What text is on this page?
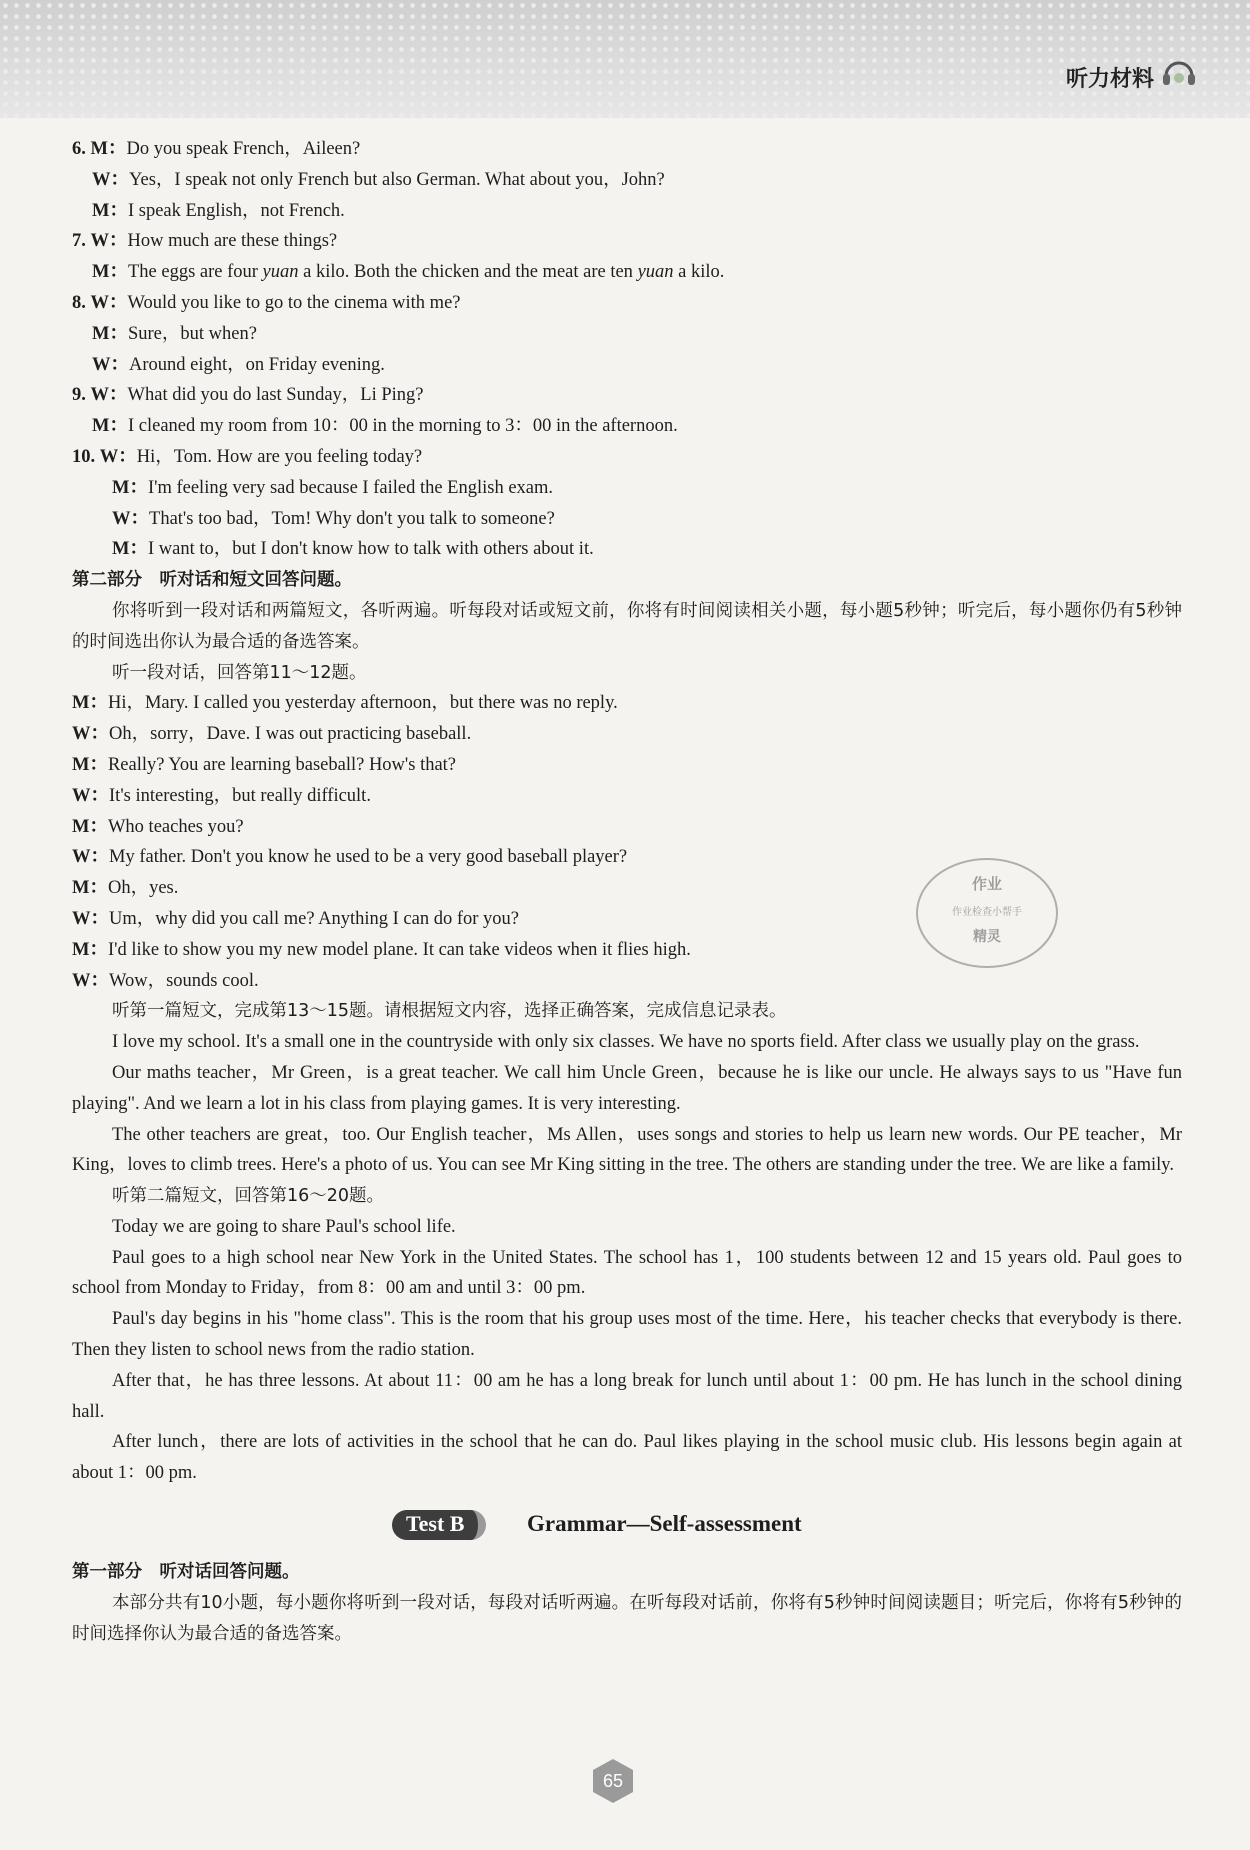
听力材料
6. M：Do you speak French，Aileen?
W：Yes，I speak not only French but also German. What about you，John?
M：I speak English，not French.
7. W：How much are these things?
M：The eggs are four yuan a kilo. Both the chicken and the meat are ten yuan a kilo.
8. W：Would you like to go to the cinema with me?
M：Sure，but when?
W：Around eight，on Friday evening.
9. W：What did you do last Sunday，Li Ping?
M：I cleaned my room from 10：00 in the morning to 3：00 in the afternoon.
10. W：Hi，Tom. How are you feeling today?
M：I'm feeling very sad because I failed the English exam.
W：That's too bad，Tom! Why don't you talk to someone?
M：I want to，but I don't know how to talk with others about it.
第二部分　听对话和短文回答问题。
你将听到一段对话和两篇短文，各听两遍。听每段对话或短文前，你将有时间阅读相关小题，每小题5秒钟；听完后，每小题你仍有5秒钟的时间选出你认为最合适的备选答案。
听一段对话，回答第11～12题。
M：Hi，Mary. I called you yesterday afternoon，but there was no reply.
W：Oh，sorry，Dave. I was out practicing baseball.
M：Really? You are learning baseball? How's that?
W：It's interesting，but really difficult.
M：Who teaches you?
W：My father. Don't you know he used to be a very good baseball player?
M：Oh，yes.
W：Um，why did you call me? Anything I can do for you?
M：I'd like to show you my new model plane. It can take videos when it flies high.
W：Wow，sounds cool.
听第一篇短文，完成第13～15题。请根据短文内容，选择正确答案，完成信息记录表。
I love my school. It's a small one in the countryside with only six classes. We have no sports field. After class we usually play on the grass.
Our maths teacher，Mr Green，is a great teacher. We call him Uncle Green，because he is like our uncle. He always says to us "Have fun playing". And we learn a lot in his class from playing games. It is very interesting.
The other teachers are great，too. Our English teacher，Ms Allen，uses songs and stories to help us learn new words. Our PE teacher，Mr King，loves to climb trees. Here's a photo of us. You can see Mr King sitting in the tree. The others are standing under the tree. We are like a family.
听第二篇短文，回答第16～20题。
Today we are going to share Paul's school life.
Paul goes to a high school near New York in the United States. The school has 1，100 students between 12 and 15 years old. Paul goes to school from Monday to Friday，from 8：00 am and until 3：00 pm.
Paul's day begins in his "home class". This is the room that his group uses most of the time. Here，his teacher checks that everybody is there. Then they listen to school news from the radio station.
After that，he has three lessons. At about 11：00 am he has a long break for lunch until about 1：00 pm. He has lunch in the school dining hall.
After lunch，there are lots of activities in the school that he can do. Paul likes playing in the school music club. His lessons begin again at about 1：00 pm.
Test B	Grammar—Self-assessment
第一部分　听对话回答问题。
本部分共有10小题，每小题你将听到一段对话，每段对话听两遍。在听每段对话前，你将有5秒钟时间阅读题目；听完后，你将有5秒钟的时间选择你认为最合适的备选答案。
作业
作业检查小帮手
精灵
65
